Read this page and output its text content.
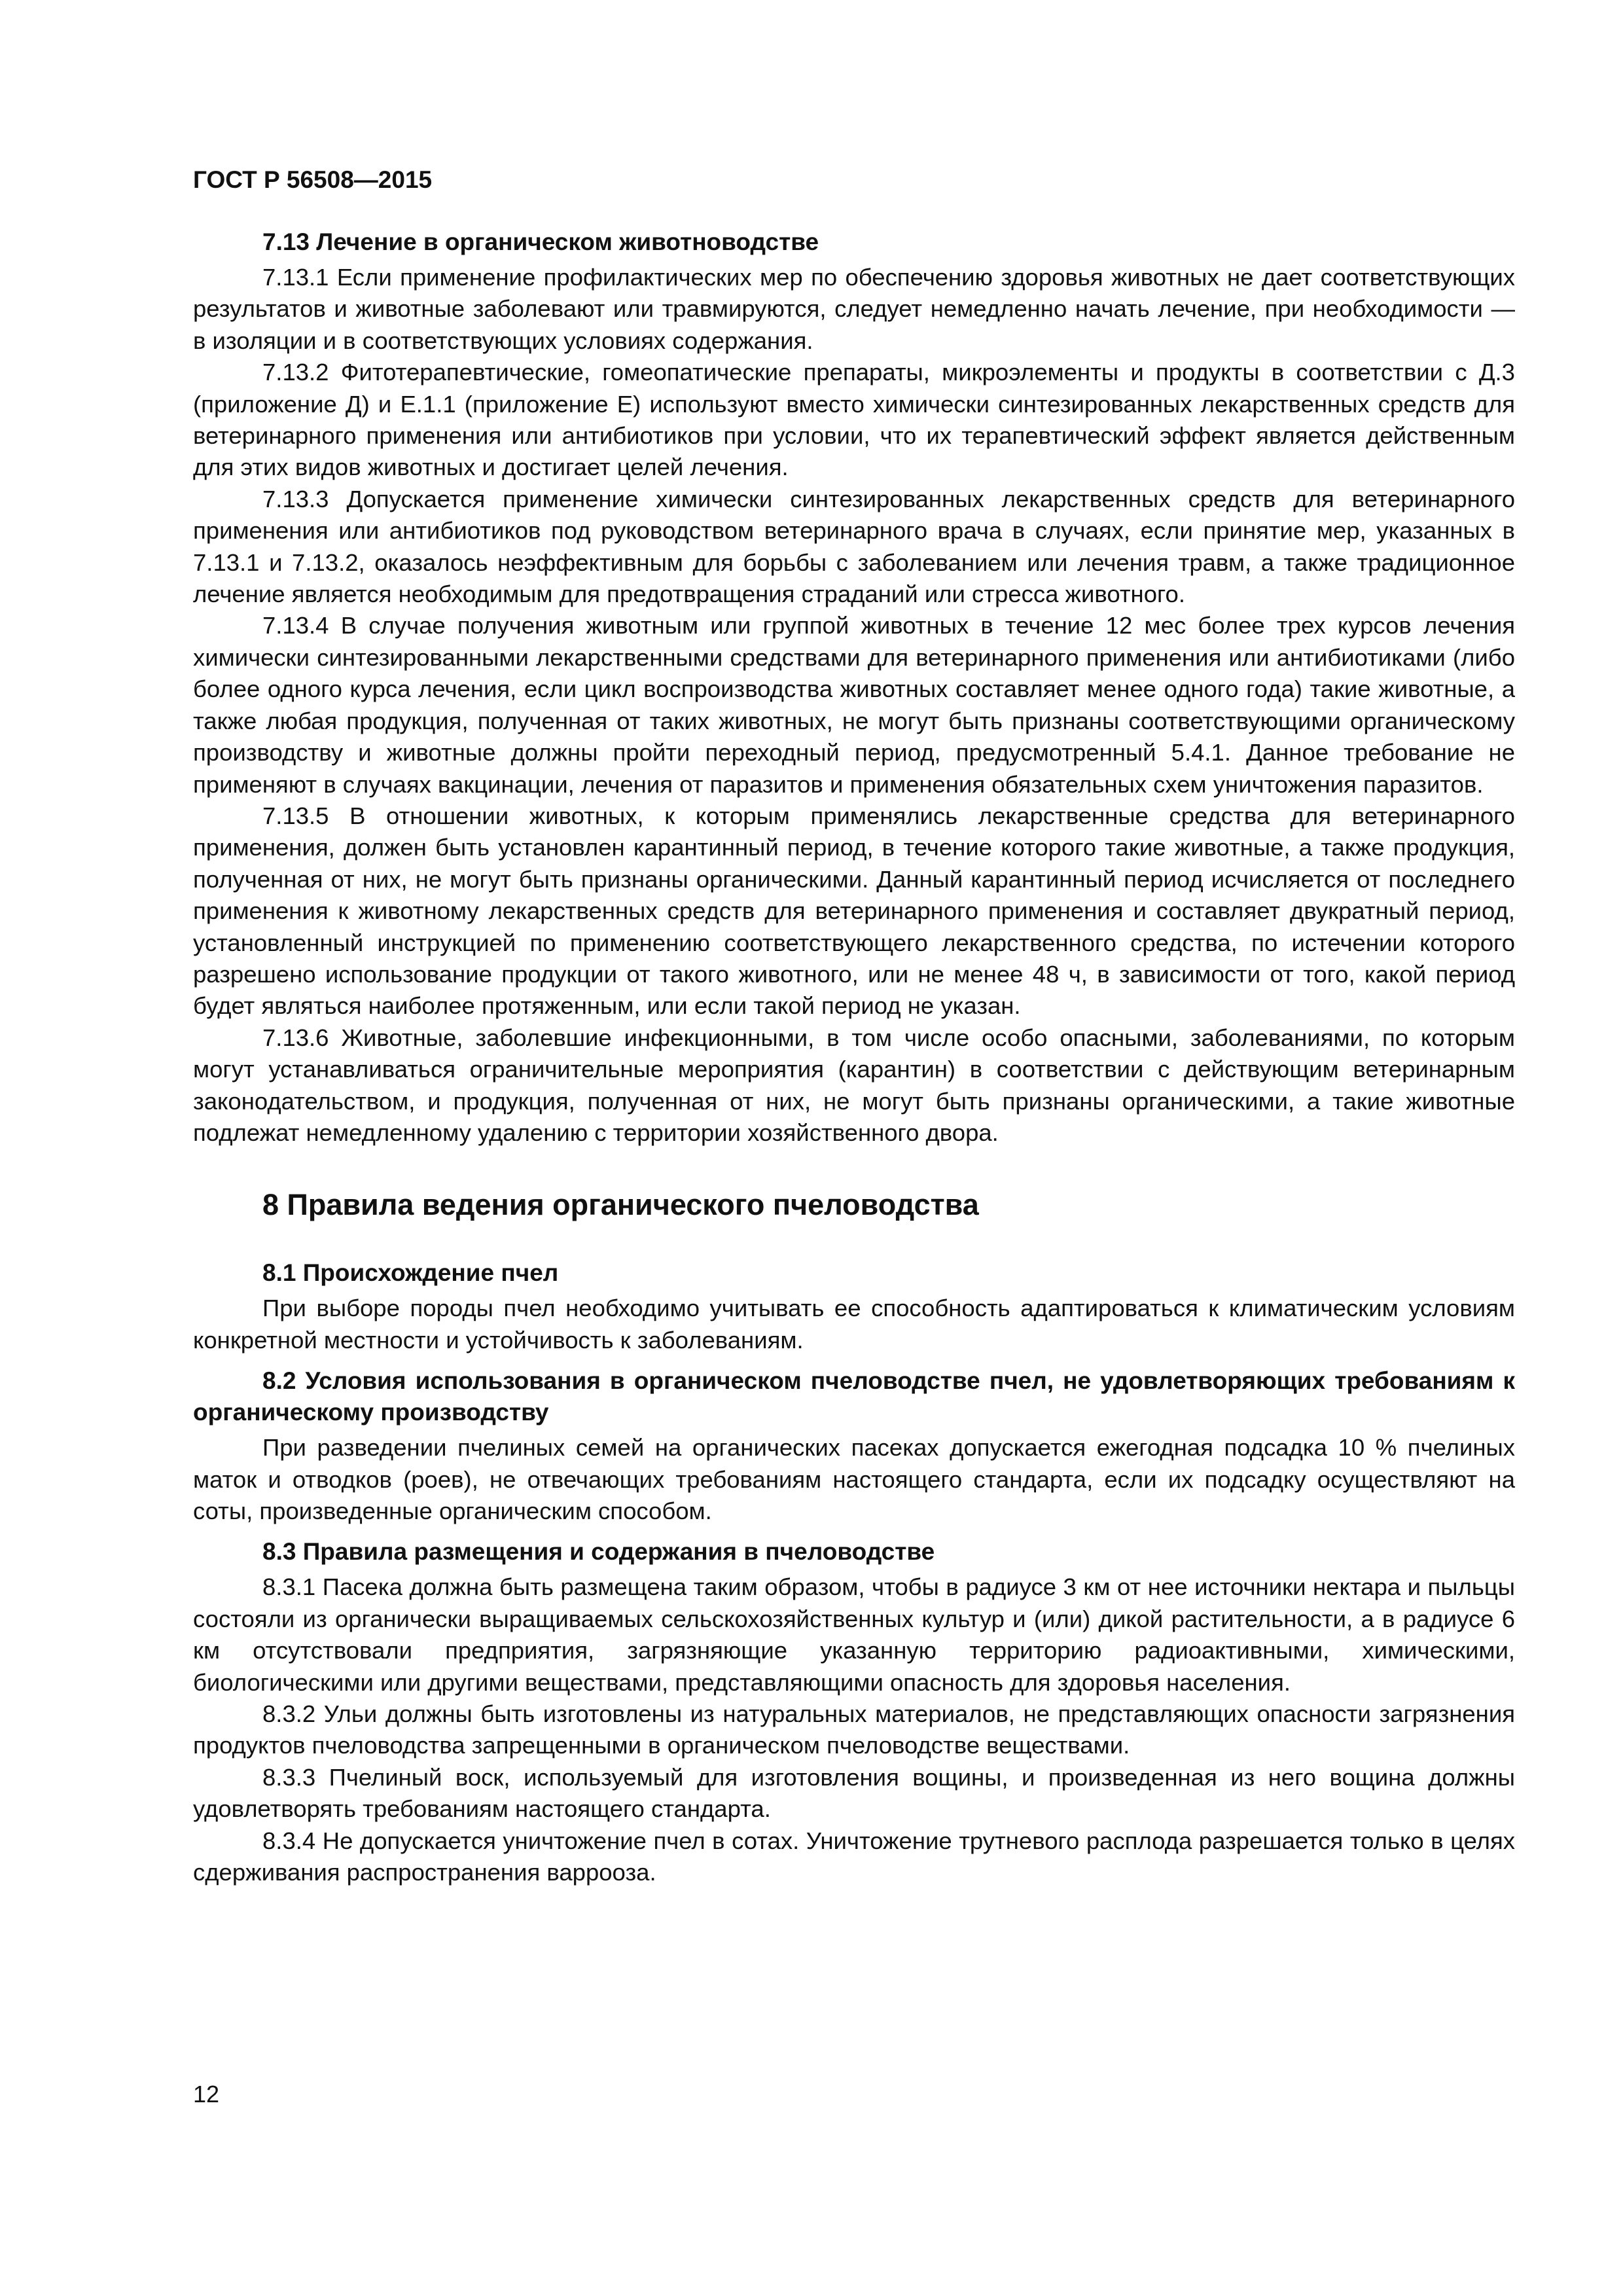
ГОСТ Р 56508—2015
7.13 Лечение в органическом животноводстве

7.13.1 Если применение профилактических мер по обеспечению здоровья животных не дает соответствующих результатов и животные заболевают или травмируются, следует немедленно начать лечение, при необходимости — в изоляции и в соответствующих условиях содержания.

7.13.2 Фитотерапевтические, гомеопатические препараты, микроэлементы и продукты в соответствии с Д.3 (приложение Д) и Е.1.1 (приложение Е) используют вместо химически синтезированных лекарственных средств для ветеринарного применения или антибиотиков при условии, что их терапевтический эффект является действенным для этих видов животных и достигает целей лечения.

7.13.3 Допускается применение химически синтезированных лекарственных средств для ветеринарного применения или антибиотиков под руководством ветеринарного врача в случаях, если принятие мер, указанных в 7.13.1 и 7.13.2, оказалось неэффективным для борьбы с заболеванием или лечения травм, а также традиционное лечение является необходимым для предотвращения страданий или стресса животного.

7.13.4 В случае получения животным или группой животных в течение 12 мес более трех курсов лечения химически синтезированными лекарственными средствами для ветеринарного применения или антибиотиками (либо более одного курса лечения, если цикл воспроизводства животных составляет менее одного года) такие животные, а также любая продукция, полученная от таких животных, не могут быть признаны соответствующими органическому производству и животные должны пройти переходный период, предусмотренный 5.4.1. Данное требование не применяют в случаях вакцинации, лечения от паразитов и применения обязательных схем уничтожения паразитов.

7.13.5 В отношении животных, к которым применялись лекарственные средства для ветеринарного применения, должен быть установлен карантинный период, в течение которого такие животные, а также продукция, полученная от них, не могут быть признаны органическими. Данный карантинный период исчисляется от последнего применения к животному лекарственных средств для ветеринарного применения и составляет двукратный период, установленный инструкцией по применению соответствующего лекарственного средства, по истечении которого разрешено использование продукции от такого животного, или не менее 48 ч, в зависимости от того, какой период будет являться наиболее протяженным, или если такой период не указан.

7.13.6 Животные, заболевшие инфекционными, в том числе особо опасными, заболеваниями, по которым могут устанавливаться ограничительные мероприятия (карантин) в соответствии с действующим ветеринарным законодательством, и продукция, полученная от них, не могут быть признаны органическими, а такие животные подлежат немедленному удалению с территории хозяйственного двора.

8 Правила ведения органического пчеловодства
8.1 Происхождение пчел

При выборе породы пчел необходимо учитывать ее способность адаптироваться к климатическим условиям конкретной местности и устойчивость к заболеваниям.

8.2 Условия использования в органическом пчеловодстве пчел, не удовлетворяющих требованиям к органическому производству

При разведении пчелиных семей на органических пасеках допускается ежегодная подсадка 10 % пчелиных маток и отводков (роев), не отвечающих требованиям настоящего стандарта, если их подсадку осуществляют на соты, произведенные органическим способом.

8.3 Правила размещения и содержания в пчеловодстве

8.3.1 Пасека должна быть размещена таким образом, чтобы в радиусе 3 км от нее источники нектара и пыльцы состояли из органически выращиваемых сельскохозяйственных культур и (или) дикой растительности, а в радиусе 6 км отсутствовали предприятия, загрязняющие указанную территорию радиоактивными, химическими, биологическими или другими веществами, представляющими опасность для здоровья населения.

8.3.2 Ульи должны быть изготовлены из натуральных материалов, не представляющих опасности загрязнения продуктов пчеловодства запрещенными в органическом пчеловодстве веществами.

8.3.3 Пчелиный воск, используемый для изготовления вощины, и произведенная из него вощина должны удовлетворять требованиям настоящего стандарта.

8.3.4 Не допускается уничтожение пчел в сотах. Уничтожение трутневого расплода разрешается только в целях сдерживания распространения варрооза.

12
